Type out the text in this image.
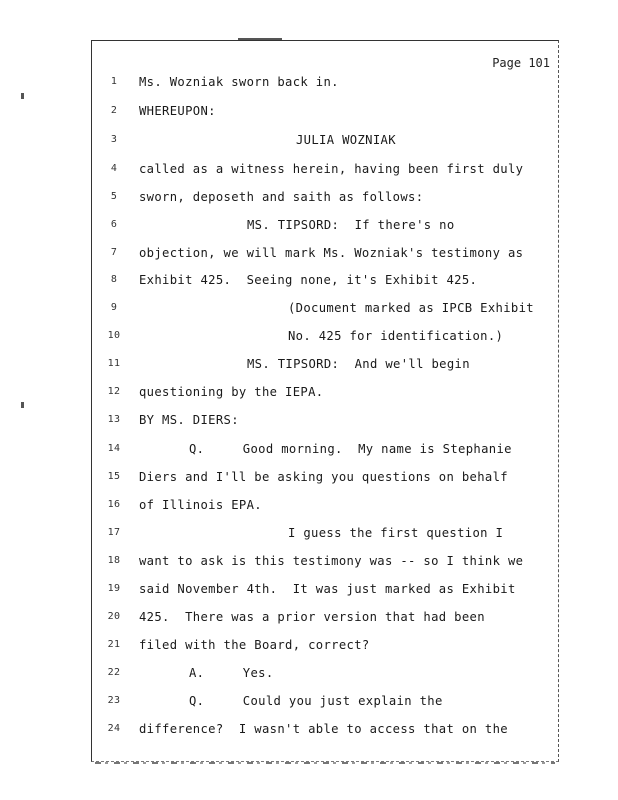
Page 101

1

	Ms. Wozniak sworn back in.

2

	WHEREUPON:

3

	JULIA WOZNIAK

4

	called as a witness herein, having been first duly

5

	sworn, deposeth and saith as follows:

6

	MS. TIPSORD:  If there's no

7

	objection, we will mark Ms. Wozniak's testimony as

8

	Exhibit 425.  Seeing none, it's Exhibit 425.

9

	(Document marked as IPCB Exhibit

10

	No. 425 for identification.)

11

	MS. TIPSORD:  And we'll begin

12

questioning by the IEPA.

13

BY MS. DIERS:

14

	Q.     Good morning.  My name is Stephanie

15

Diers and I'll be asking you questions on behalf

16

of Illinois EPA.

17

	I guess the first question I

18

want to ask is this testimony was -- so I think we

19

said November 4th.  It was just marked as Exhibit

20

425.  There was a prior version that had been

21

filed with the Board, correct?

22

	A.     Yes.

23

	Q.     Could you just explain the

24

difference?  I wasn't able to access that on the
